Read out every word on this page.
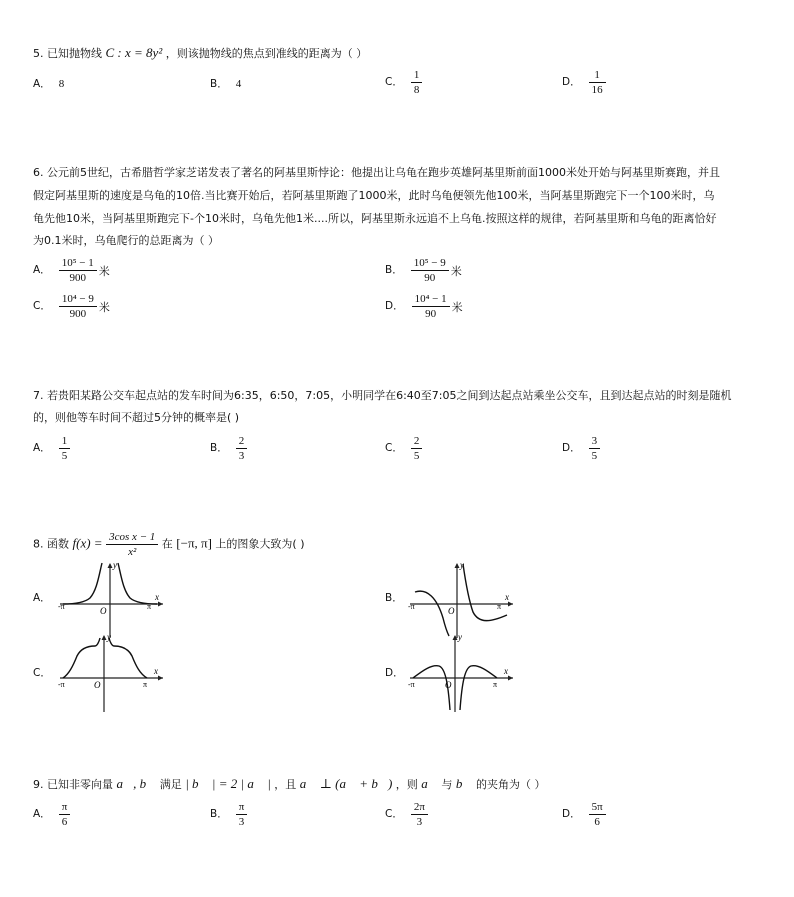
5. 已知抛物线 C : x = 8y² ，则该抛物线的焦点到准线的距离为（ ）
A． 8	B． 4	C． $\frac{1}{8}$	D． $\frac{1}{16}$
6. 公元前5世纪，古希腊哲学家芝诺发表了著名的阿基里斯悖论：他提出让乌龟在跑步英雄阿基里斯前面1000米处开始与阿基里斯赛跑，并且
假定阿基里斯的速度是乌龟的10倍.当比赛开始后，若阿基里斯跑了1000米，此时乌龟便领先他100米，当阿基里斯跑完下一个100米时，乌
龟先他10米，当阿基里斯跑完下-个10米时，乌龟先他1米....所以，阿基里斯永远追不上乌龟.按照这样的规律，若阿基里斯和乌龟的距离恰好
为0.1米时，乌龟爬行的总距离为（ ）
A． $\frac{\text{10⁵ − 1}}{900}$ 米	B． $\frac{\text{10⁵ − 9}}{90}$ 米
C． $\frac{\text{10⁴ − 9}}{900}$ 米	D． $\frac{\text{10⁴ − 1}}{90}$ 米
7. 若贵阳某路公交车起点站的发车时间为6:35，6:50，7:05，小明同学在6:40至7:05之间到达起点站乘坐公交车，且到达起点站的时刻是随机
的，则他等车时间不超过5分钟的概率是( )
A． $\frac{1}{5}$	B． $\frac{2}{3}$	C． $\frac{2}{5}$	D． $\frac{3}{5}$
8. 函数 $f(x) = \frac{\text{3cos x − 1}}{\text{x²}}$ 在 [−π, π] 上的图象大致为( )
A．
y
x
O
-π	π
B．
y
x
O
-π	π
C．
y
x
O
-π	π
D．
y
x
O
-π	π
9. 已知非零向量 a⃗, b⃗ 满足 | b⃗ | = 2 | a⃗ | ，且 a⃗ ⊥ (a⃗ + b⃗) ，则 a⃗ 与 b⃗ 的夹角为（ ）
A． $\frac{\pi}{6}$	B． $\frac{\pi}{3}$	C． $\frac{2\pi}{3}$	D． $\frac{5\pi}{6}$
